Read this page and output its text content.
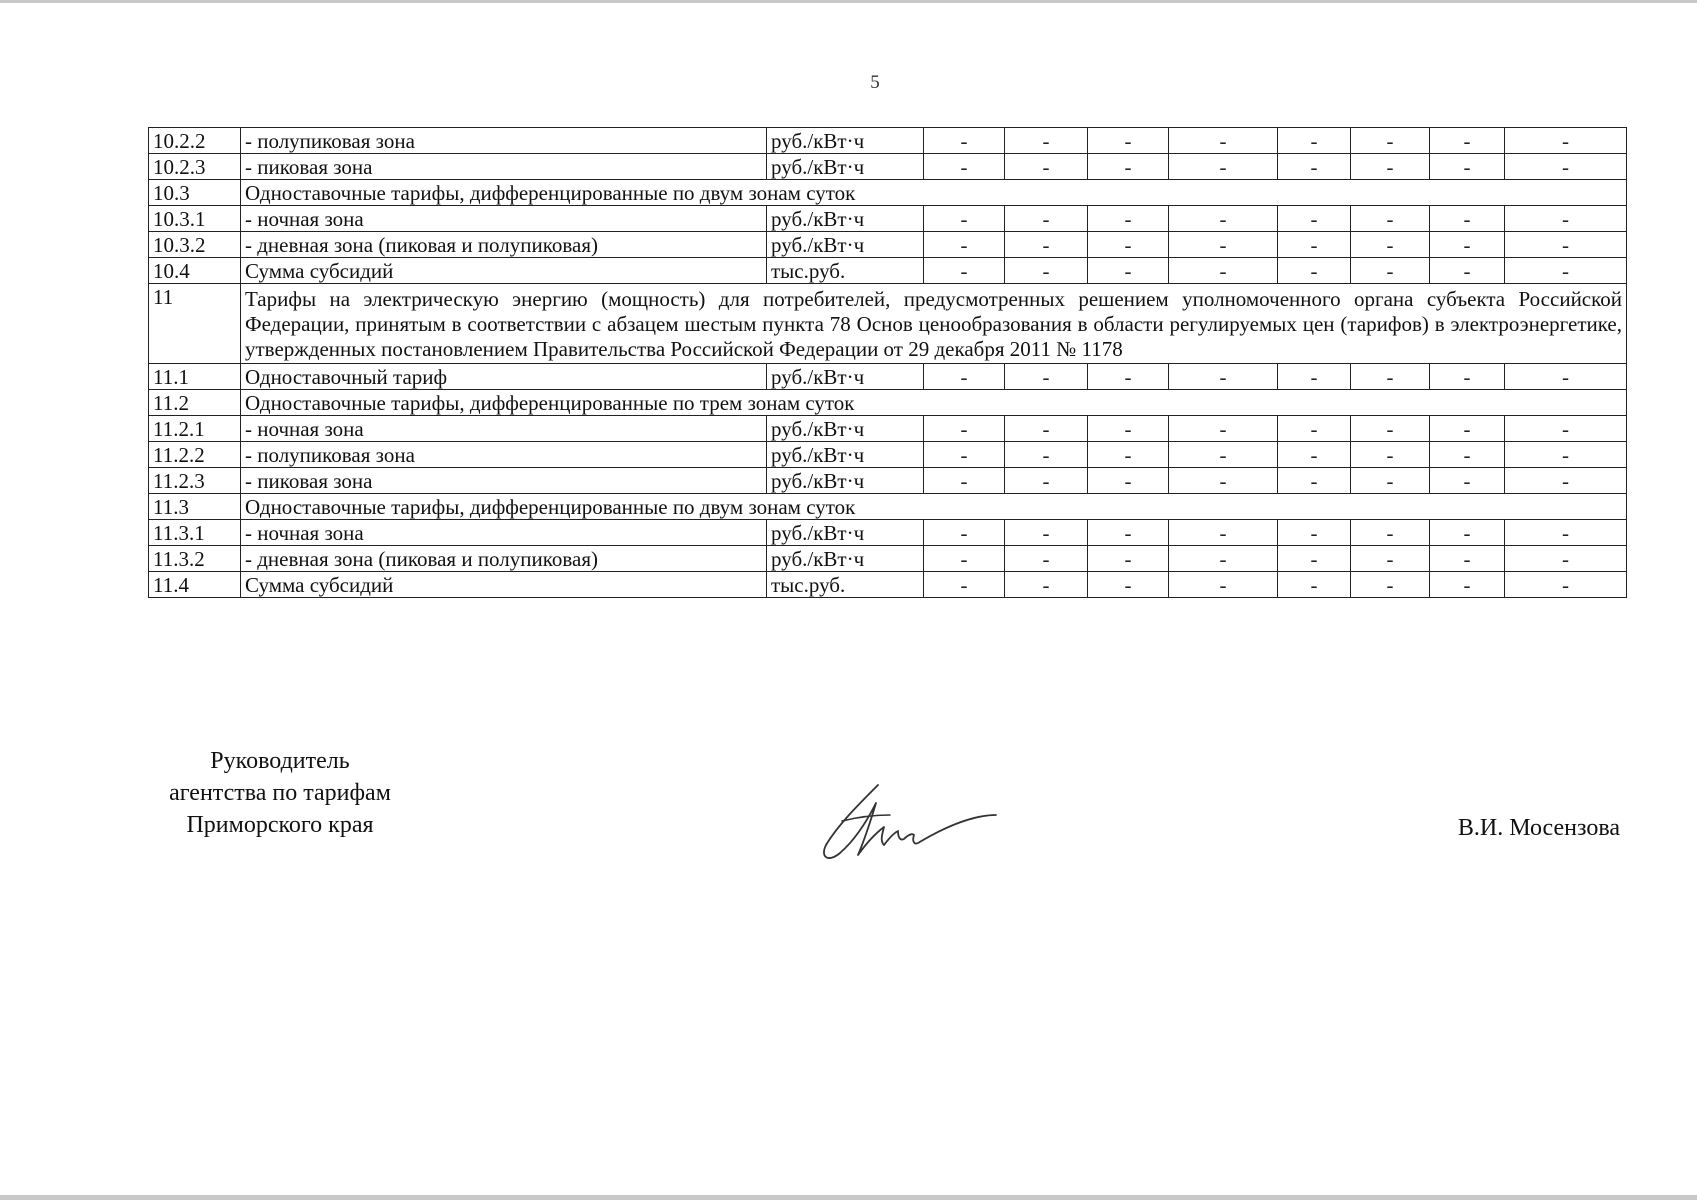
5
10.2.2	- полупиковая зона	руб./кВт·ч	-	-	-	-	-	-	-	-
10.2.3	- пиковая зона	руб./кВт·ч	-	-	-	-	-	-	-	-
10.3	Одноставочные тарифы, дифференцированные по двум зонам суток									
10.3.1	- ночная зона	руб./кВт·ч	-	-	-	-	-	-	-	-
10.3.2	- дневная зона (пиковая и полупиковая)	руб./кВт·ч	-	-	-	-	-	-	-	-
10.4	Сумма субсидий	тыс.руб.	-	-	-	-	-	-	-	-
11	Тарифы на электрическую энергию (мощность) для потребителей, предусмотренных решением уполномоченного органа субъекта Российской Федерации, принятым в соответствии с абзацем шестым пункта 78 Основ ценообразования в области регулируемых цен (тарифов) в электроэнергетике, утвержденных постановлением Правительства Российской Федерации от 29 декабря 2011 № 1178									
11.1	Одноставочный тариф	руб./кВт·ч	-	-	-	-	-	-	-	-
11.2	Одноставочные тарифы, дифференцированные по трем зонам суток									
11.2.1	- ночная зона	руб./кВт·ч	-	-	-	-	-	-	-	-
11.2.2	- полупиковая зона	руб./кВт·ч	-	-	-	-	-	-	-	-
11.2.3	- пиковая зона	руб./кВт·ч	-	-	-	-	-	-	-	-
11.3	Одноставочные тарифы, дифференцированные по двум зонам суток									
11.3.1	- ночная зона	руб./кВт·ч	-	-	-	-	-	-	-	-
11.3.2	- дневная зона (пиковая и полупиковая)	руб./кВт·ч	-	-	-	-	-	-	-	-
11.4	Сумма субсидий	тыс.руб.	-	-	-	-	-	-	-	-
Руководитель
агентства по тарифам
Приморского края	В.И. Мосензова
